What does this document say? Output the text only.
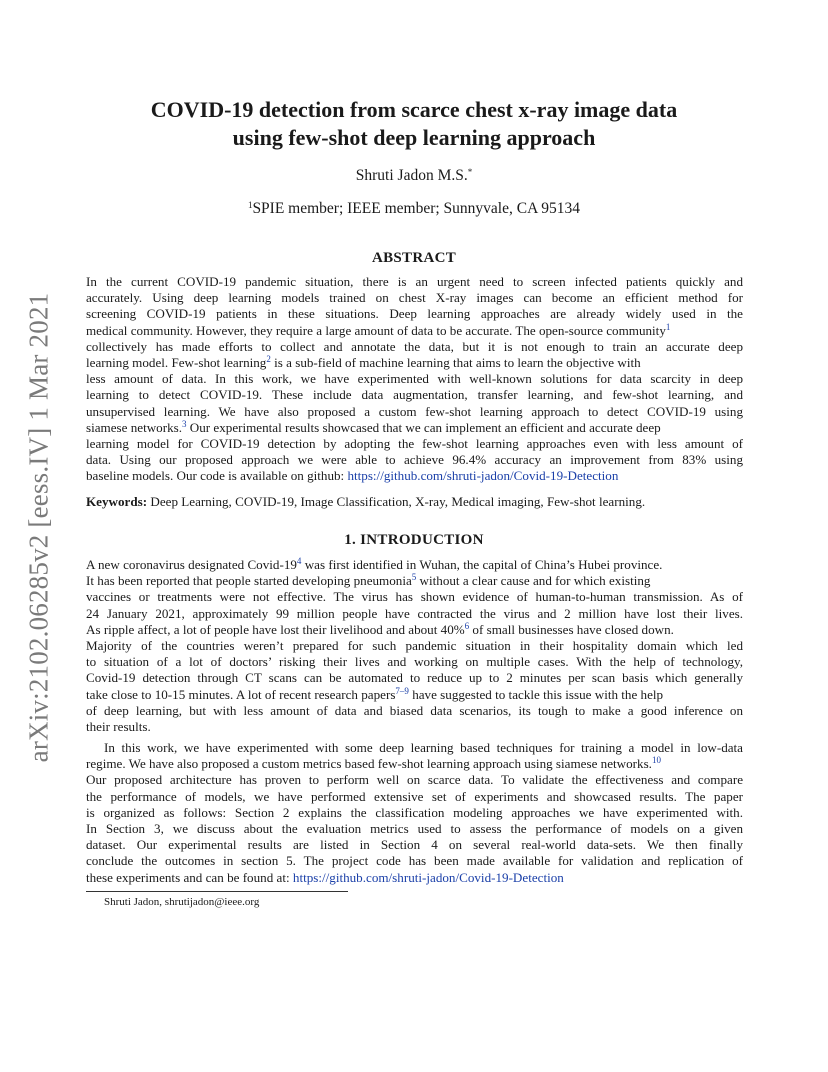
arXiv:2102.06285v2 [eess.IV] 1 Mar 2021
COVID-19 detection from scarce chest x-ray image data
using few-shot deep learning approach
Shruti Jadon M.S.*
$^1$SPIE member; IEEE member; Sunnyvale, CA 95134
ABSTRACT
In the current COVID-19 pandemic situation, there is an urgent need to screen infected patients quickly and
accurately. Using deep learning models trained on chest X-ray images can become an efficient method for
screening COVID-19 patients in these situations. Deep learning approaches are already widely used in the
medical community. However, they require a large amount of data to be accurate. The open-source community$^1$
collectively has made efforts to collect and annotate the data, but it is not enough to train an accurate deep
learning model. Few-shot learning$^2$ is a sub-field of machine learning that aims to learn the objective with
less amount of data. In this work, we have experimented with well-known solutions for data scarcity in deep
learning to detect COVID-19. These include data augmentation, transfer learning, and few-shot learning, and
unsupervised learning. We have also proposed a custom few-shot learning approach to detect COVID-19 using
siamese networks.$^3$ Our experimental results showcased that we can implement an efficient and accurate deep
learning model for COVID-19 detection by adopting the few-shot learning approaches even with less amount of
data. Using our proposed approach we were able to achieve 96.4% accuracy an improvement from 83% using
baseline models. Our code is available on github: https://github.com/shruti-jadon/Covid-19-Detection
Keywords: Deep Learning, COVID-19, Image Classification, X-ray, Medical imaging, Few-shot learning.
1. INTRODUCTION
A new coronavirus designated Covid-$19^4$ was first identified in Wuhan, the capital of China’s Hubei province.
It has been reported that people started developing pneumonia$^5$ without a clear cause and for which existing
vaccines or treatments were not effective. The virus has shown evidence of human-to-human transmission. As of
24 January 2021, approximately 99 million people have contracted the virus and 2 million have lost their lives.
As ripple affect, a lot of people have lost their livelihood and about 40%$^6$ of small businesses have closed down.
Majority of the countries weren’t prepared for such pandemic situation in their hospitality domain which led
to situation of a lot of doctors’ risking their lives and working on multiple cases. With the help of technology,
Covid-19 detection through CT scans can be automated to reduce up to 2 minutes per scan basis which generally
take close to 10-15 minutes. A lot of recent research papers$^{7-9}$ have suggested to tackle this issue with the help
of deep learning, but with less amount of data and biased data scenarios, its tough to make a good inference on
their results.
In this work, we have experimented with some deep learning based techniques for training a model in low-data
regime. We have also proposed a custom metrics based few-shot learning approach using siamese networks.$^{10}$
Our proposed architecture has proven to perform well on scarce data. To validate the effectiveness and compare
the performance of models, we have performed extensive set of experiments and showcased results. The paper
is organized as follows: Section 2 explains the classification modeling approaches we have experimented with.
In Section 3, we discuss about the evaluation metrics used to assess the performance of models on a given
dataset. Our experimental results are listed in Section 4 on several real-world data-sets. We then finally
conclude the outcomes in section 5. The project code has been made available for validation and replication of
these experiments and can be found at: https://github.com/shruti-jadon/Covid-19-Detection
Shruti Jadon, shrutijadon@ieee.org
